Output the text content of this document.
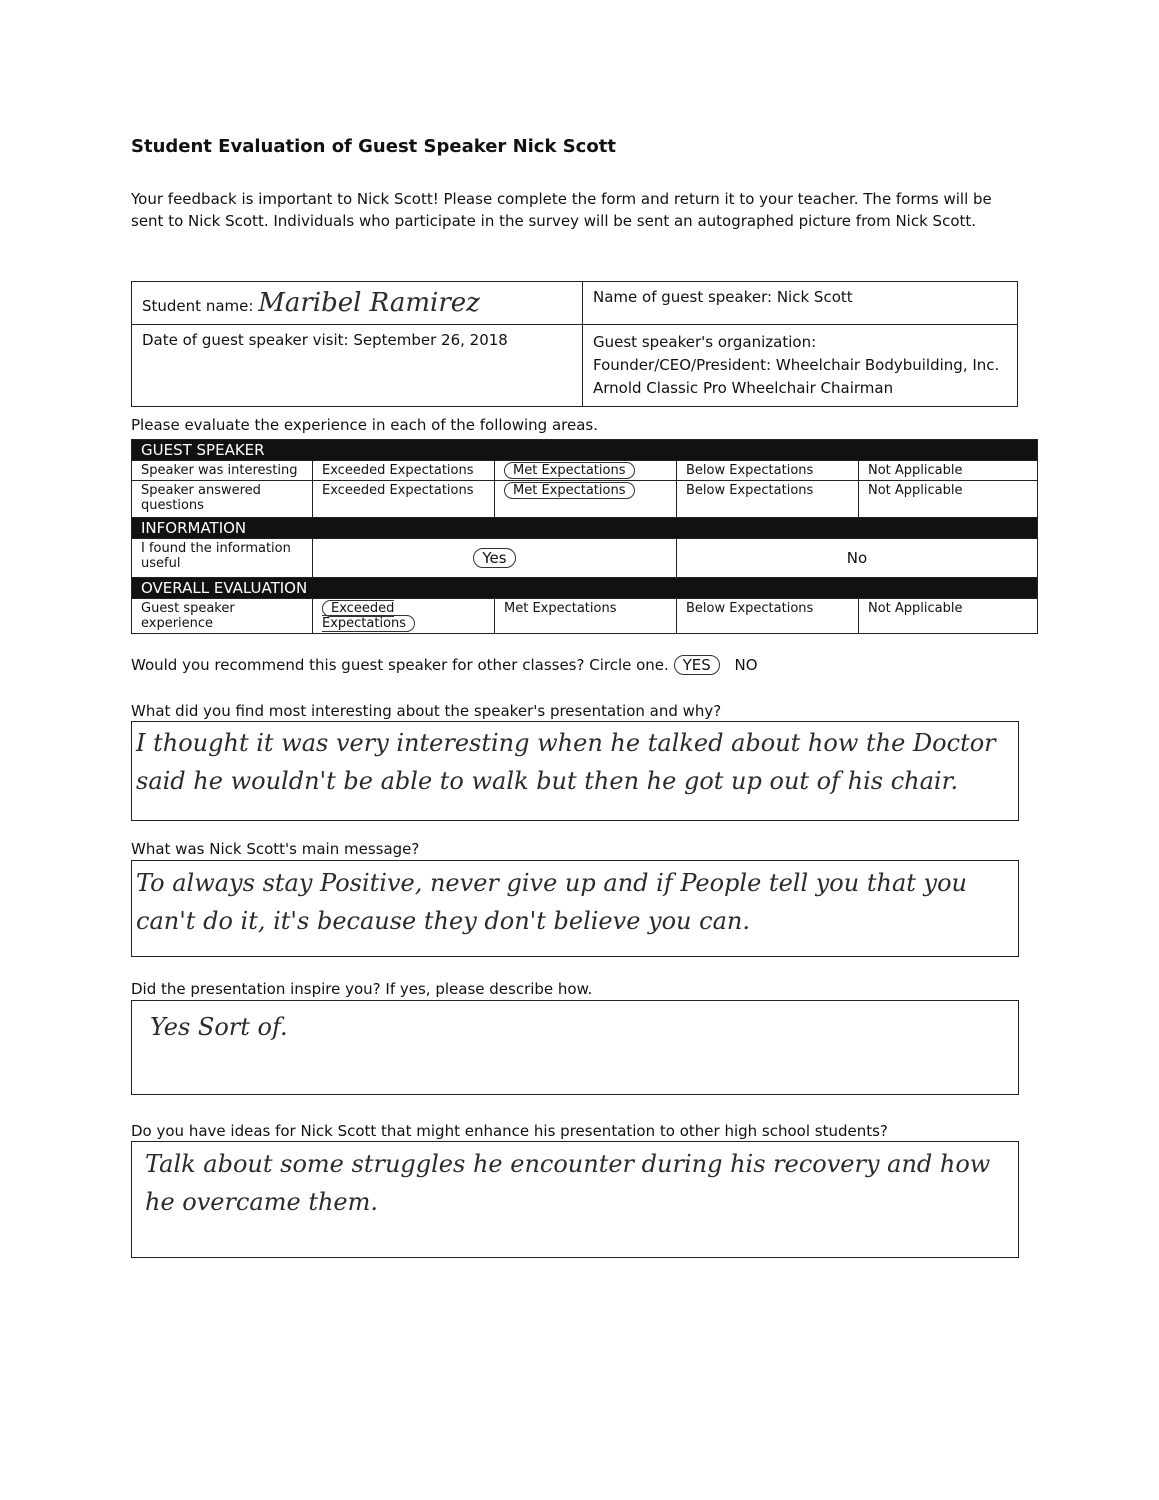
Student Evaluation of Guest Speaker Nick Scott
Your feedback is important to Nick Scott! Please complete the form and return it to your teacher. The forms will be sent to Nick Scott. Individuals who participate in the survey will be sent an autographed picture from Nick Scott.
Student name: Maribel Ramirez	Name of guest speaker: Nick Scott
Date of guest speaker visit: September 26, 2018	Guest speaker's organization:
Founder/CEO/President: Wheelchair Bodybuilding, Inc.
Arnold Classic Pro Wheelchair Chairman
Please evaluate the experience in each of the following areas.
GUEST SPEAKER				
Speaker was interesting	Exceeded Expectations	Met Expectations	Below Expectations	Not Applicable
Speaker answered questions	Exceeded Expectations	Met Expectations	Below Expectations	Not Applicable
INFORMATION				
I found the information useful	Yes		No	
OVERALL EVALUATION				
Guest speaker experience	Exceeded Expectations	Met Expectations	Below Expectations	Not Applicable
Would you recommend this guest speaker for other classes? Circle one. YES NO
What did you find most interesting about the speaker's presentation and why?
I thought it was very interesting when he talked about how the Doctor said he wouldn't be able to walk but then he got up out of his chair.
What was Nick Scott's main message?
To always stay Positive, never give up and if People tell you that you can't do it, it's because they don't believe you can.
Did the presentation inspire you? If yes, please describe how.
Yes Sort of.
Do you have ideas for Nick Scott that might enhance his presentation to other high school students?
Talk about some struggles he encounter during his recovery and how he overcame them.
